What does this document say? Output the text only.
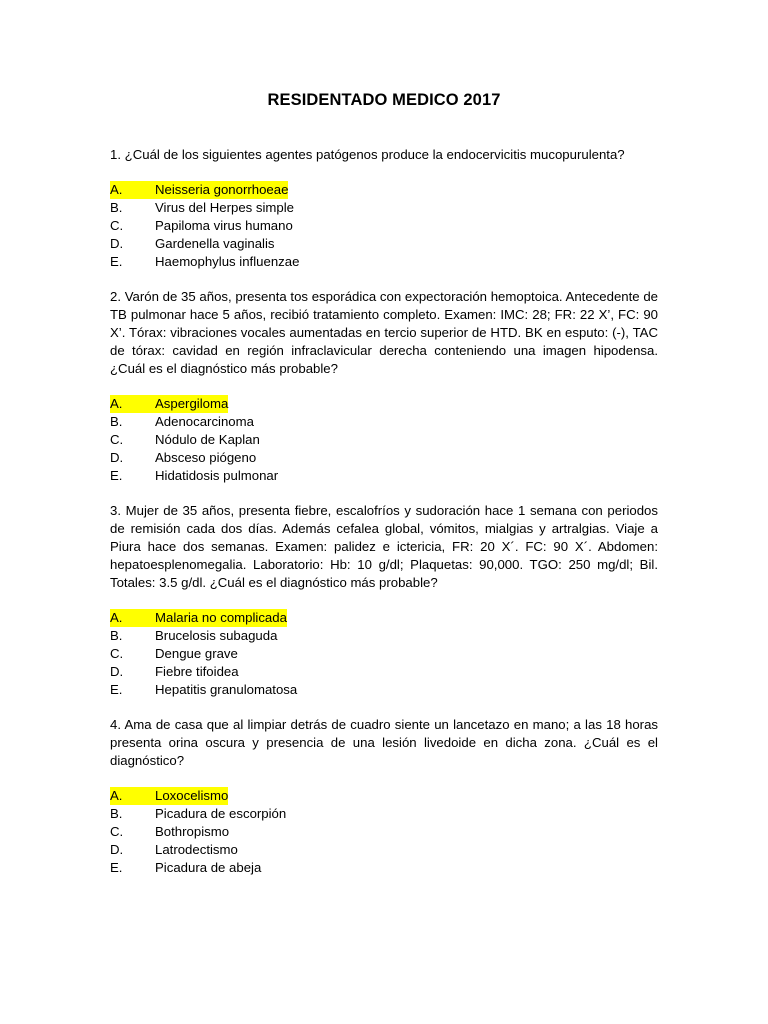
RESIDENTADO MEDICO 2017
1. ¿Cuál de los siguientes agentes patógenos produce la endocervicitis mucopurulenta?
A. Neisseria gonorrhoeae
B. Virus del Herpes simple
C. Papiloma virus humano
D. Gardenella vaginalis
E. Haemophylus influenzae
2. Varón de 35 años, presenta tos esporádica con expectoración hemoptoica. Antecedente de TB pulmonar hace 5 años, recibió tratamiento completo. Examen: IMC: 28; FR: 22 X’, FC: 90 X’. Tórax: vibraciones vocales aumentadas en tercio superior de HTD. BK en esputo: (-), TAC de tórax: cavidad en región infraclavicular derecha conteniendo una imagen hipodensa. ¿Cuál es el diagnóstico más probable?
A. Aspergiloma
B. Adenocarcinoma
C. Nódulo de Kaplan
D. Absceso piógeno
E. Hidatidosis pulmonar
3. Mujer de 35 años, presenta fiebre, escalofríos y sudoración hace 1 semana con periodos de remisión cada dos días. Además cefalea global, vómitos, mialgias y artralgias. Viaje a Piura hace dos semanas. Examen: palidez e ictericia, FR: 20 X´. FC: 90 X´. Abdomen: hepatoesplenomegalia. Laboratorio: Hb: 10 g/dl; Plaquetas: 90,000. TGO: 250 mg/dl; Bil. Totales: 3.5 g/dl. ¿Cuál es el diagnóstico más probable?
A. Malaria no complicada
B. Brucelosis subaguda
C. Dengue grave
D. Fiebre tifoidea
E. Hepatitis granulomatosa
4. Ama de casa que al limpiar detrás de cuadro siente un lancetazo en mano; a las 18 horas presenta orina oscura y presencia de una lesión livedoide en dicha zona. ¿Cuál es el diagnóstico?
A. Loxocelismo
B. Picadura de escorpión
C. Bothropismo
D. Latrodectismo
E. Picadura de abeja
